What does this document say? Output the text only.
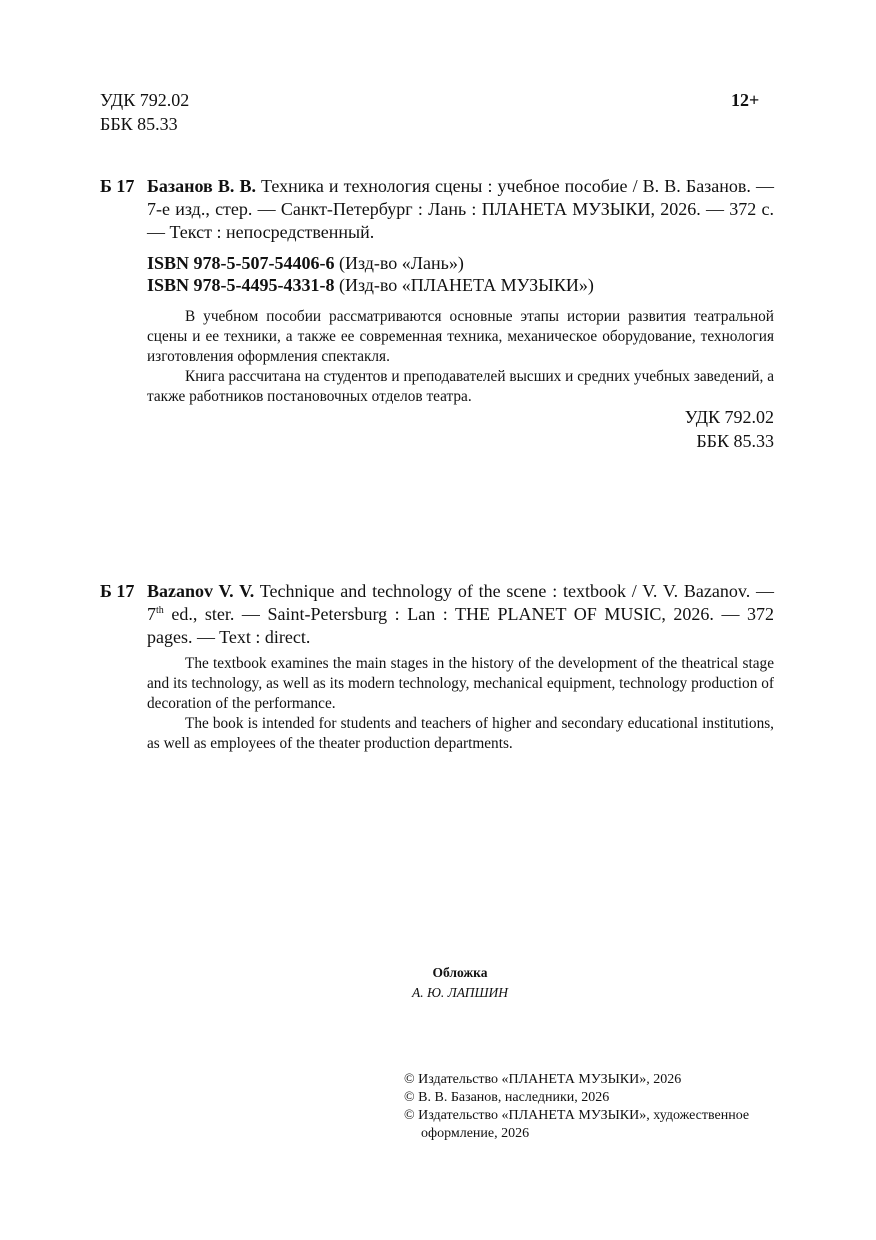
УДК 792.02
ББК 85.33
12+
Б 17 Базанов В. В. Техника и технология сцены : учебное пособие / В. В. Базанов. — 7-е изд., стер. — Санкт-Петербург : Лань : ПЛАНЕТА МУЗЫКИ, 2026. — 372 с. — Текст : непосредственный.
ISBN 978-5-507-54406-6 (Изд-во «Лань»)
ISBN 978-5-4495-4331-8 (Изд-во «ПЛАНЕТА МУЗЫКИ»)

В учебном пособии рассматриваются основные этапы истории развития театральной сцены и ее техники, а также ее современная техника, механическое оборудование, технология изготовления оформления спектакля.

Книга рассчитана на студентов и преподавателей высших и средних учебных заведений, а также работников постановочных отделов театра.

УДК 792.02
ББК 85.33
Б 17 Bazanov V. V. Technique and technology of the scene : textbook / V. V. Bazanov. — 7th ed., ster. — Saint-Petersburg : Lan : THE PLANET OF MUSIC, 2026. — 372 pages. — Text : direct.

The textbook examines the main stages in the history of the development of the theatrical stage and its technology, as well as its modern technology, mechanical equipment, technology production of decoration of the performance.

The book is intended for students and teachers of higher and secondary educational institutions, as well as employees of the theater production departments.

Обложка
А. Ю. ЛАПШИН
© Издательство «ПЛАНЕТА МУЗЫКИ», 2026
© В. В. Базанов, наследники, 2026
© Издательство «ПЛАНЕТА МУЗЫКИ», художественное
оформление, 2026
